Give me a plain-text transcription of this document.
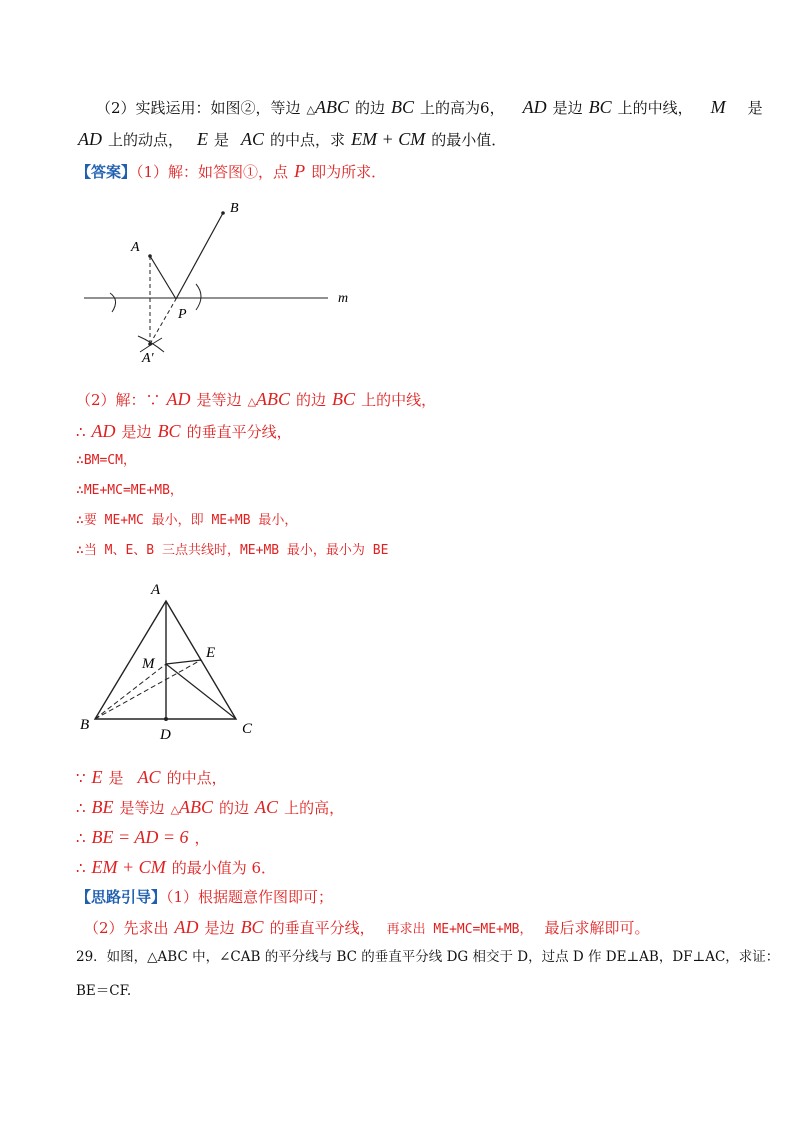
（2）实践运用：如图②，等边 △ABC 的边 BC 上的高为6， AD 是边 BC 上的中线， M 是
AD 上的动点， E 是 AC 的中点，求 EM + CM 的最小值．
【答案】（1）解：如答图①，点 P 即为所求．
B
A
m
P
A′
（2）解：∵ AD 是等边 △ABC 的边 BC 上的中线，
∴ AD 是边 BC 的垂直平分线，
∴BM=CM，
∴ME+MC=ME+MB，
∴要 ME+MC 最小，即 ME+MB 最小，
∴当 M、E、B 三点共线时，ME+MB 最小，最小为 BE
A
M
E
B
D	C
∵ E 是 AC 的中点，
∴ BE 是等边 △ABC 的边 AC 上的高，
∴ BE = AD = 6 ，
∴ EM + CM 的最小值为 6．
【思路引导】（1）根据题意作图即可；
（2）先求出 AD 是边 BC 的垂直平分线， 再求出 ME+MC=ME+MB， 最后求解即可。
29．如图，△ABC 中，∠CAB 的平分线与 BC 的垂直平分线 DG 相交于 D，过点 D 作 DE⊥AB，DF⊥AC，求证：
BE＝CF.
